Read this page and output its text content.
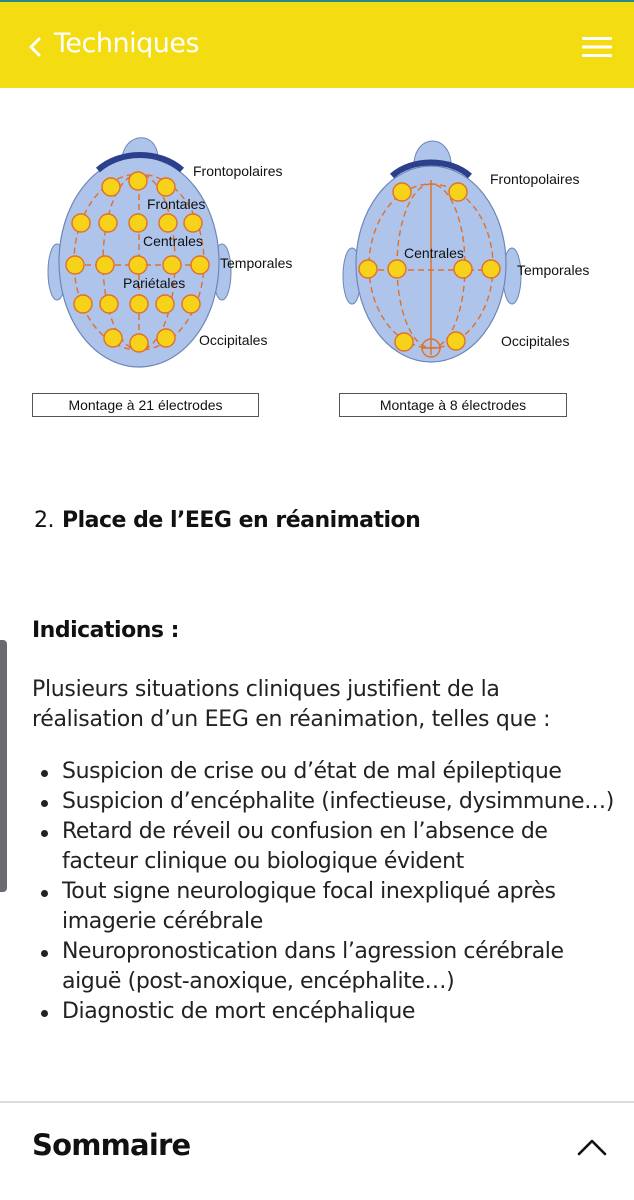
Techniques
Frontopolaires
Frontales
Centrales
Temporales
Pariétales
Occipitales
Frontopolaires
Centrales
Temporales
Occipitales
Montage à 21 électrodes	Montage à 8 électrodes
2. Place de l’EEG en réanimation
Indications :
Plusieurs situations cliniques justifient de la réalisation d’un EEG en réanimation, telles que :
Suspicion de crise ou d’état de mal épileptique
Suspicion d’encéphalite (infectieuse, dysimmune…)
Retard de réveil ou confusion en l’absence de facteur clinique ou biologique évident
Tout signe neurologique focal inexpliqué après imagerie cérébrale
Neuropronostication dans l’agression cérébrale aiguë (post-anoxique, encéphalite…)
Diagnostic de mort encéphalique
Sommaire
